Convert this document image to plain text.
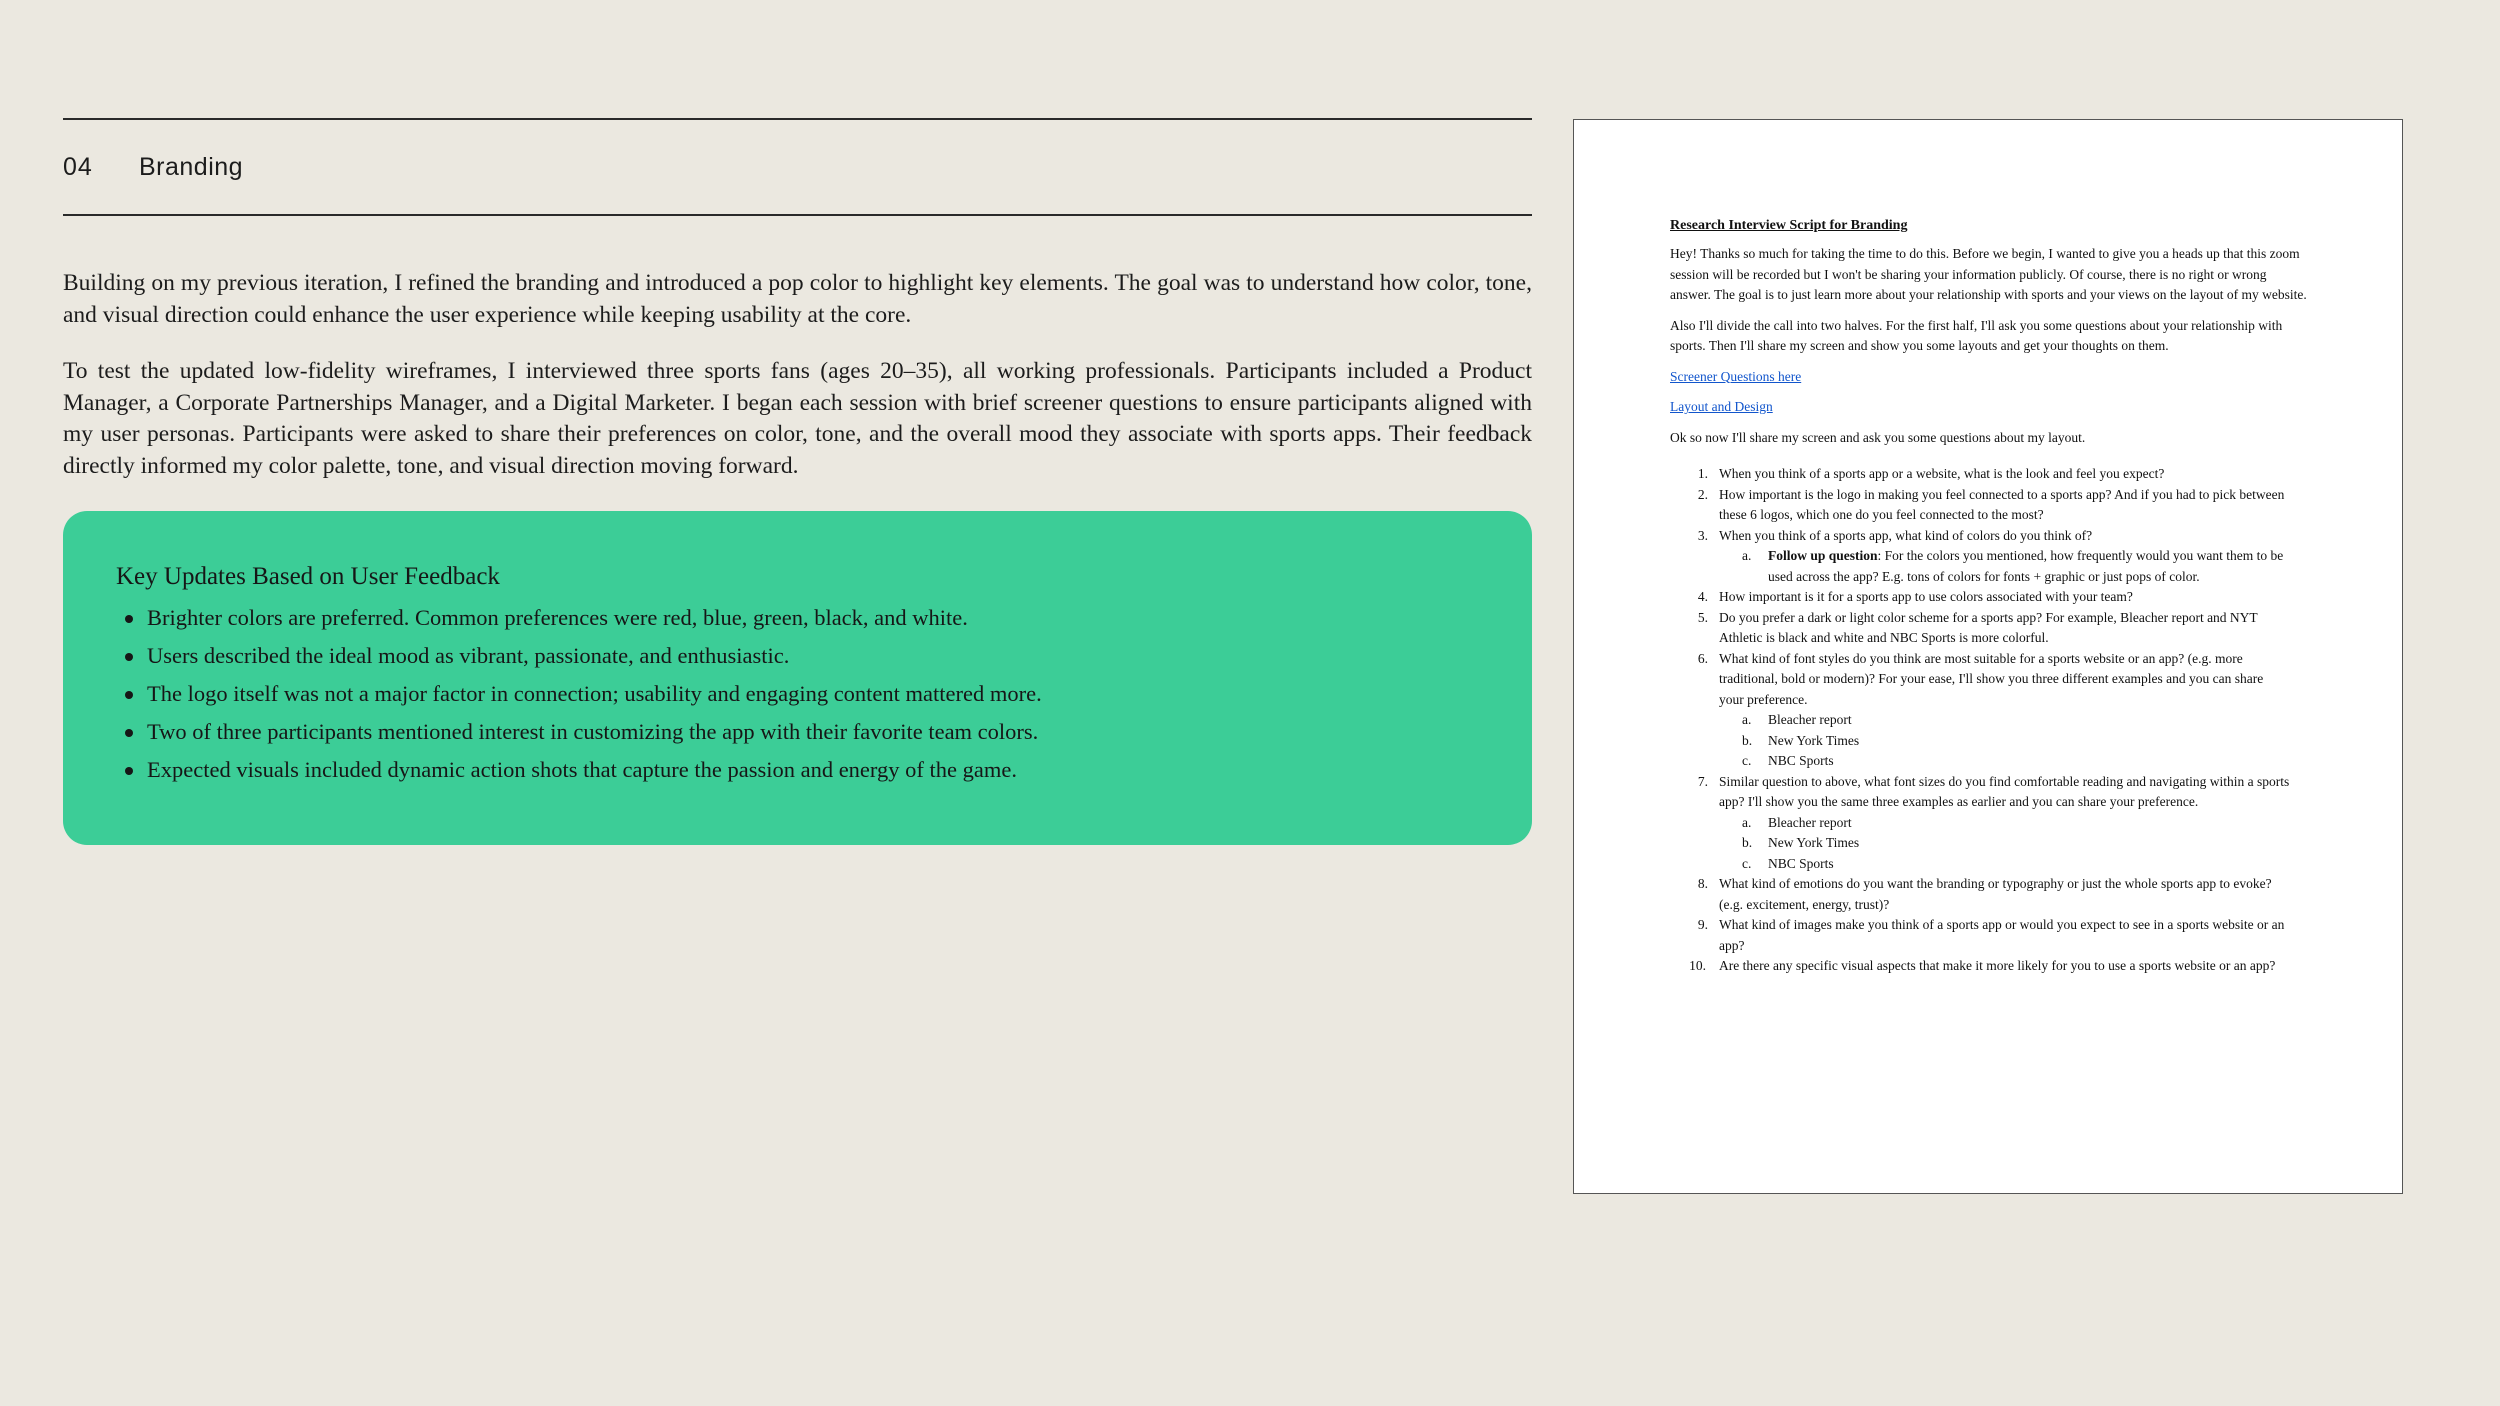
04	Branding

Building on my previous iteration, I refined the branding and introduced a pop color to highlight key elements. The goal was to understand how color, tone, and visual direction could enhance the user experience while keeping usability at the core.

To test the updated low-fidelity wireframes, I interviewed three sports fans (ages 20–35), all working professionals. Participants included a Product Manager, a Corporate Partnerships Manager, and a Digital Marketer. I began each session with brief screener questions to ensure participants aligned with my user personas. Participants were asked to share their preferences on color, tone, and the overall mood they associate with sports apps. Their feedback directly informed my color palette, tone, and visual direction moving forward.

Key Updates Based on User Feedback
Brighter colors are preferred. Common preferences were red, blue, green, black, and white.
Users described the ideal mood as vibrant, passionate, and enthusiastic.
The logo itself was not a major factor in connection; usability and engaging content mattered more.
Two of three participants mentioned interest in customizing the app with their favorite team colors.
Expected visuals included dynamic action shots that capture the passion and energy of the game.
Research Interview Script for Branding

Hey! Thanks so much for taking the time to do this. Before we begin, I wanted to give you a heads up that this zoom session will be recorded but I won't be sharing your information publicly. Of course, there is no right or wrong answer. The goal is to just learn more about your relationship with sports and your views on the layout of my website.

Also I'll divide the call into two halves. For the first half, I'll ask you some questions about your relationship with sports. Then I'll share my screen and show you some layouts and get your thoughts on them.

Screener Questions here
Layout and Design

Ok so now I'll share my screen and ask you some questions about my layout.

1. When you think of a sports app or a website, what is the look and feel you expect?
2. How important is the logo in making you feel connected to a sports app? And if you had to pick between these 6 logos, which one do you feel connected to the most?
3. When you think of a sports app, what kind of colors do you think of?
a. Follow up question: For the colors you mentioned, how frequently would you want them to be used across the app? E.g. tons of colors for fonts + graphic or just pops of color.
4. How important is it for a sports app to use colors associated with your team?
5. Do you prefer a dark or light color scheme for a sports app? For example, Bleacher report and NYT Athletic is black and white and NBC Sports is more colorful.
6. What kind of font styles do you think are most suitable for a sports website or an app? (e.g. more traditional, bold or modern)? For your ease, I'll show you three different examples and you can share your preference.
a. Bleacher report
b. New York Times
c. NBC Sports
7. Similar question to above, what font sizes do you find comfortable reading and navigating within a sports app? I'll show you the same three examples as earlier and you can share your preference.
a. Bleacher report
b. New York Times
c. NBC Sports
8. What kind of emotions do you want the branding or typography or just the whole sports app to evoke? (e.g. excitement, energy, trust)?
9. What kind of images make you think of a sports app or would you expect to see in a sports website or an app?
10. Are there any specific visual aspects that make it more likely for you to use a sports website or an app?
